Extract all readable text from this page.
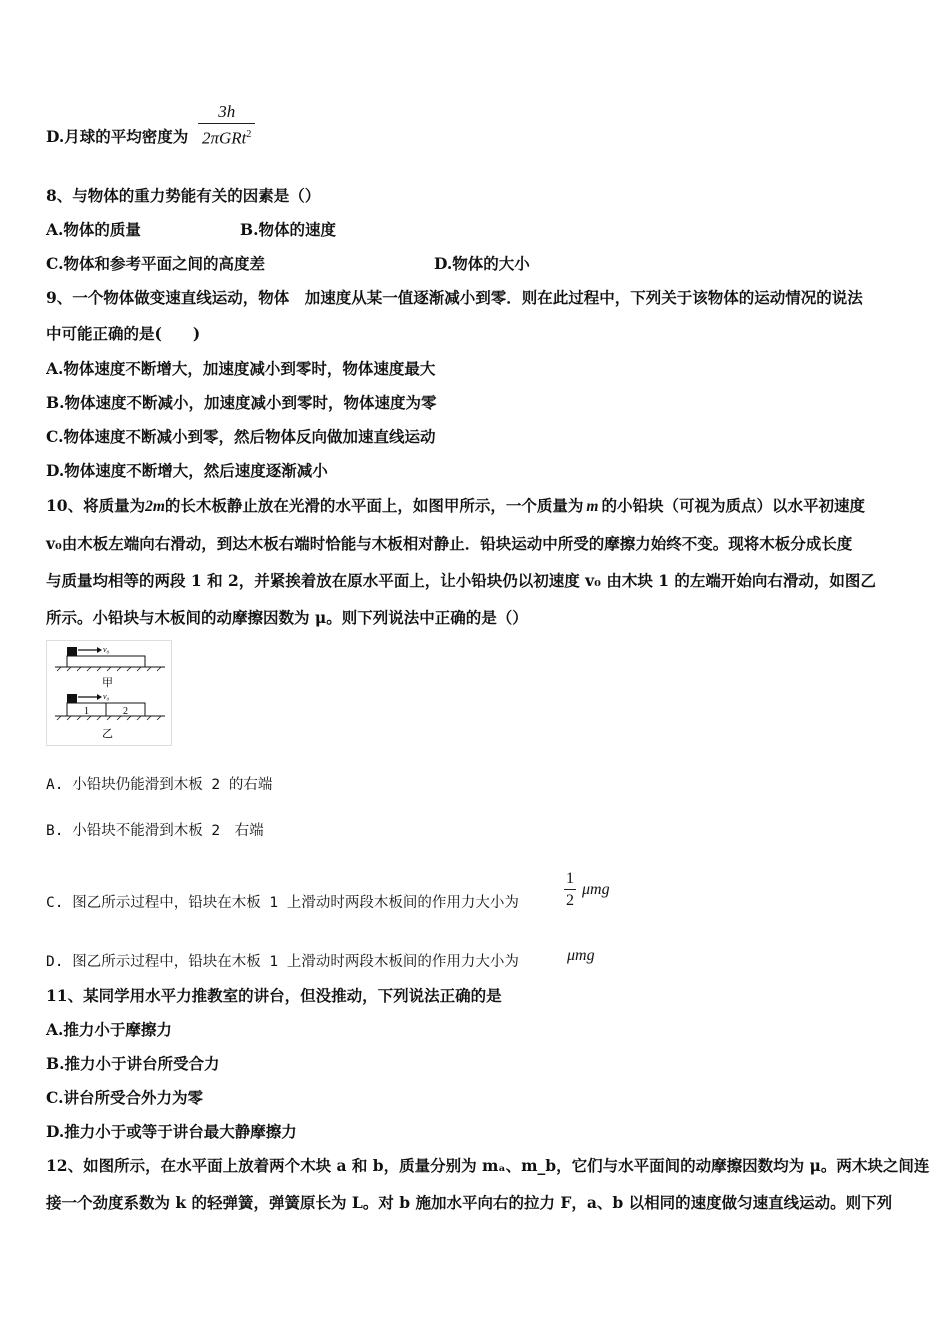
D.月球的平均密度为
3h
2πGRt$^2$
8、与物体的重力势能有关的因素是（）
A.物体的质量	B.物体的速度
C.物体和参考平面之间的高度差	D.物体的大小
9、一个物体做变速直线运动，物体　加速度从某一值逐渐减小到零．则在此过程中，下列关于该物体的运动情况的说法
中可能正确的是(　　)
A.物体速度不断增大，加速度减小到零时，物体速度最大
B.物体速度不断减小，加速度减小到零时，物体速度为零
C.物体速度不断减小到零，然后物体反向做加速直线运动
D.物体速度不断增大，然后速度逐渐减小
10、将质量为2m的长木板静止放在光滑的水平面上，如图甲所示，一个质量为 m 的小铅块（可视为质点）以水平初速度
v₀由木板左端向右滑动，到达木板右端时恰能与木板相对静止．铅块运动中所受的摩擦力始终不变。现将木板分成长度
与质量均相等的两段 1 和 2，并紧挨着放在原水平面上，让小铅块仍以初速度 v₀ 由木块 1 的左端开始向右滑动，如图乙
所示。小铅块与木板间的动摩擦因数为 μ。则下列说法中正确的是（）
v₀
甲
v₀
1	2
乙
A. 小铅块仍能滑到木板 2 的右端
B. 小铅块不能滑到木板 2　右端
C. 图乙所示过程中，铅块在木板 1 上滑动时两段木板间的作用力大小为	$\frac{1}{2}$ μmg
D. 图乙所示过程中，铅块在木板 1 上滑动时两段木板间的作用力大小为	μmg
11、某同学用水平力推教室的讲台，但没推动，下列说法正确的是
A.推力小于摩擦力
B.推力小于讲台所受合力
C.讲台所受合外力为零
D.推力小于或等于讲台最大静摩擦力
12、如图所示，在水平面上放着两个木块 a 和 b，质量分别为 mₐ、m_b，它们与水平面间的动摩擦因数均为 μ。两木块之间连
接一个劲度系数为 k 的轻弹簧，弹簧原长为 L。对 b 施加水平向右的拉力 F，a、b 以相同的速度做匀速直线运动。则下列
